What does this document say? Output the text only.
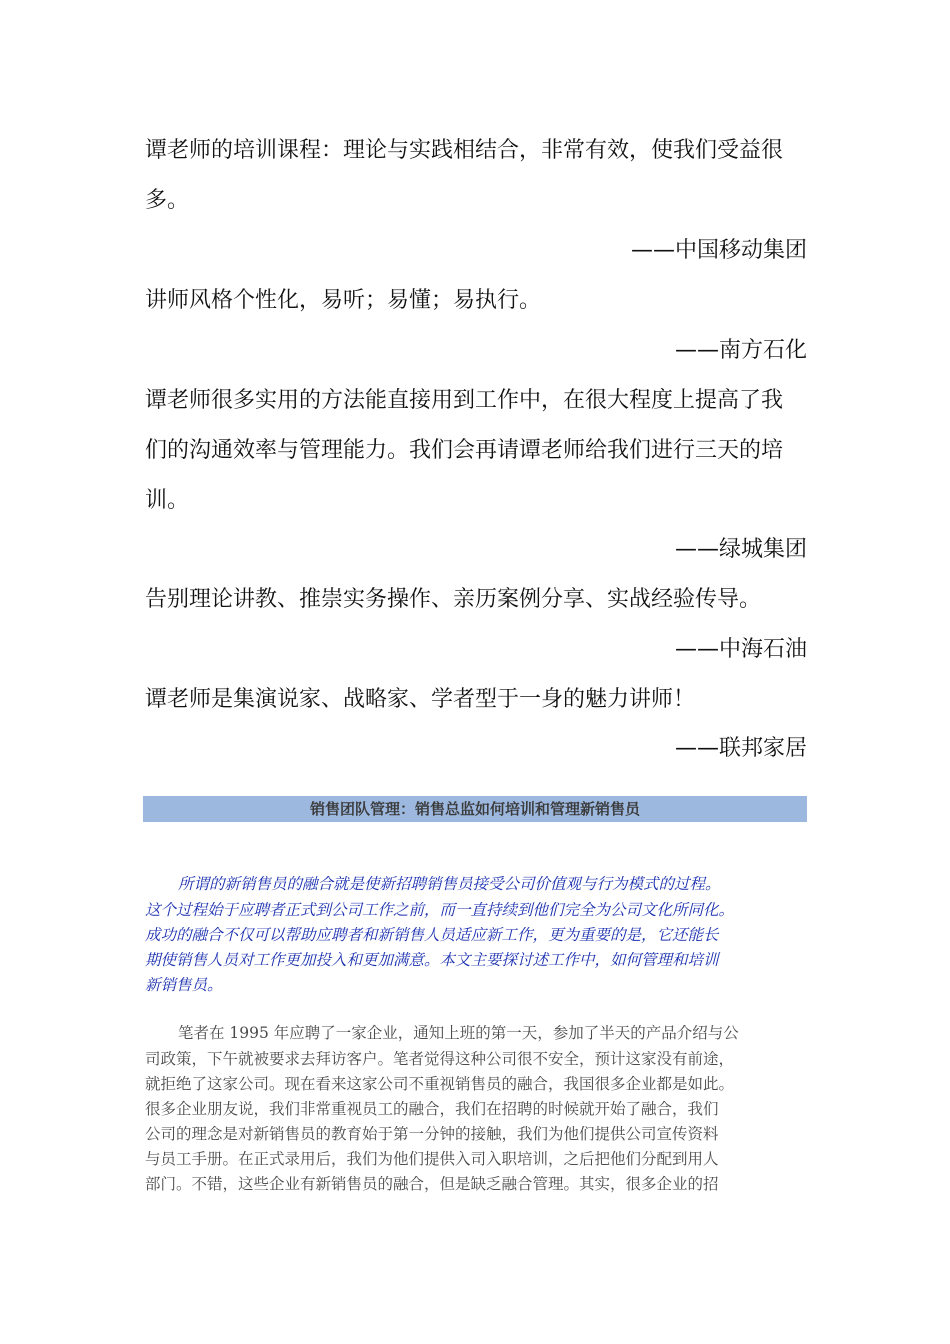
谭老师的培训课程：理论与实践相结合，非常有效，使我们受益很
多。
——中国移动集团
讲师风格个性化，易听；易懂；易执行。
——南方石化
谭老师很多实用的方法能直接用到工作中，在很大程度上提高了我
们的沟通效率与管理能力。我们会再请谭老师给我们进行三天的培
训。
——绿城集团
告别理论讲教、推崇实务操作、亲历案例分享、实战经验传导。
——中海石油
谭老师是集演说家、战略家、学者型于一身的魅力讲师！
——联邦家居
销售团队管理：销售总监如何培训和管理新销售员
所谓的新销售员的融合就是使新招聘销售员接受公司价值观与行为模式的过程。
这个过程始于应聘者正式到公司工作之前，而一直持续到他们完全为公司文化所同化。
成功的融合不仅可以帮助应聘者和新销售人员适应新工作，更为重要的是，它还能长
期使销售人员对工作更加投入和更加满意。本文主要探讨述工作中，如何管理和培训
新销售员。
笔者在 1995 年应聘了一家企业，通知上班的第一天，参加了半天的产品介绍与公
司政策，下午就被要求去拜访客户。笔者觉得这种公司很不安全，预计这家没有前途，
就拒绝了这家公司。现在看来这家公司不重视销售员的融合，我国很多企业都是如此。
很多企业朋友说，我们非常重视员工的融合，我们在招聘的时候就开始了融合，我们
公司的理念是对新销售员的教育始于第一分钟的接触，我们为他们提供公司宣传资料
与员工手册。在正式录用后，我们为他们提供入司入职培训，之后把他们分配到用人
部门。不错，这些企业有新销售员的融合，但是缺乏融合管理。其实，很多企业的招
